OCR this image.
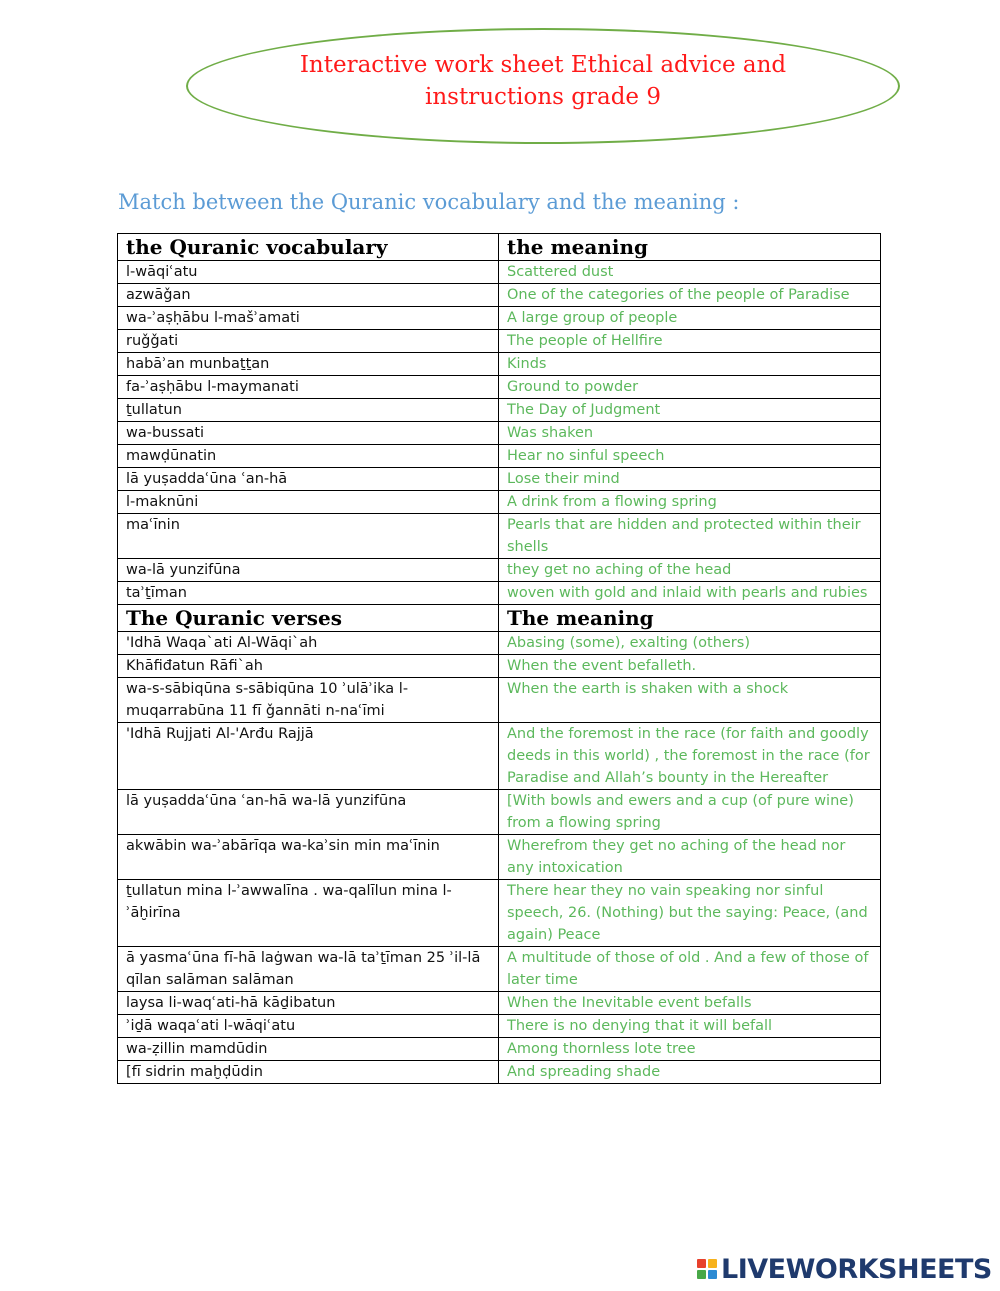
Interactive work sheet Ethical advice and
instructions grade 9
Match between the Quranic vocabulary and the meaning :
the Quranic vocabulary	the meaning
l-wāqiʿatu	Scattered dust
azwāǧan	One of the categories of the people of Paradise
wa-ʾaṣḥābu l-mašʾamati	A large group of people
ruǧǧati	The people of Hellfire
habāʾan munbaṯṯan	Kinds
fa-ʾaṣḥābu l-maymanati	Ground to powder
ṯullatun	The Day of Judgment
wa-bussati	Was shaken
mawḍūnatin	Hear no sinful speech
lā yuṣaddaʿūna ʿan-hā	Lose their mind
l-maknūni	A drink from a flowing spring
maʿīnin	Pearls that are hidden and protected within their shells
wa-lā yunzifūna	they get no aching of the head
taʾṯīman	woven with gold and inlaid with pearls and rubies
The Quranic verses	The meaning
'Idhā Waqa`ati Al-Wāqi`ah	Abasing (some), exalting (others)
Khāfiđatun Rāfi`ah	When the event befalleth.
wa-s-sābiqūna s-sābiqūna 10 ʾulāʾika l-muqarrabūna 11 fī ǧannāti n-naʿīmi	When the earth is shaken with a shock
'Idhā Rujjati Al-'Arđu Rajjā	And the foremost in the race (for faith and goodly deeds in this world) , the foremost in the race (for Paradise and Allah’s bounty in the Hereafter
lā yuṣaddaʿūna ʿan-hā wa-lā yunzifūna	[With bowls and ewers and a cup (of pure wine) from a flowing spring
akwābin wa-ʾabārīqa wa-kaʾsin min maʿīnin	Wherefrom they get no aching of the head nor any intoxication
ṯullatun mina l-ʾawwalīna . wa-qalīlun mina l-ʾāḫirīna	There hear they no vain speaking nor sinful speech, 26. (Nothing) but the saying: Peace, (and again) Peace
ā yasmaʿūna fī-hā laġwan wa-lā taʾṯīman 25 ʾil-lā qīlan salāman salāman	A multitude of those of old . And a few of those of later time
laysa li-waqʿati-hā kāḏibatun	When the Inevitable event befalls
ʾiḏā waqaʿati l-wāqiʿatu	There is no denying that it will befall
wa-ẓillin mamdūdin	Among thornless lote tree
[fī sidrin maḫḍūdin	And spreading shade
LIVEWORKSHEETS
